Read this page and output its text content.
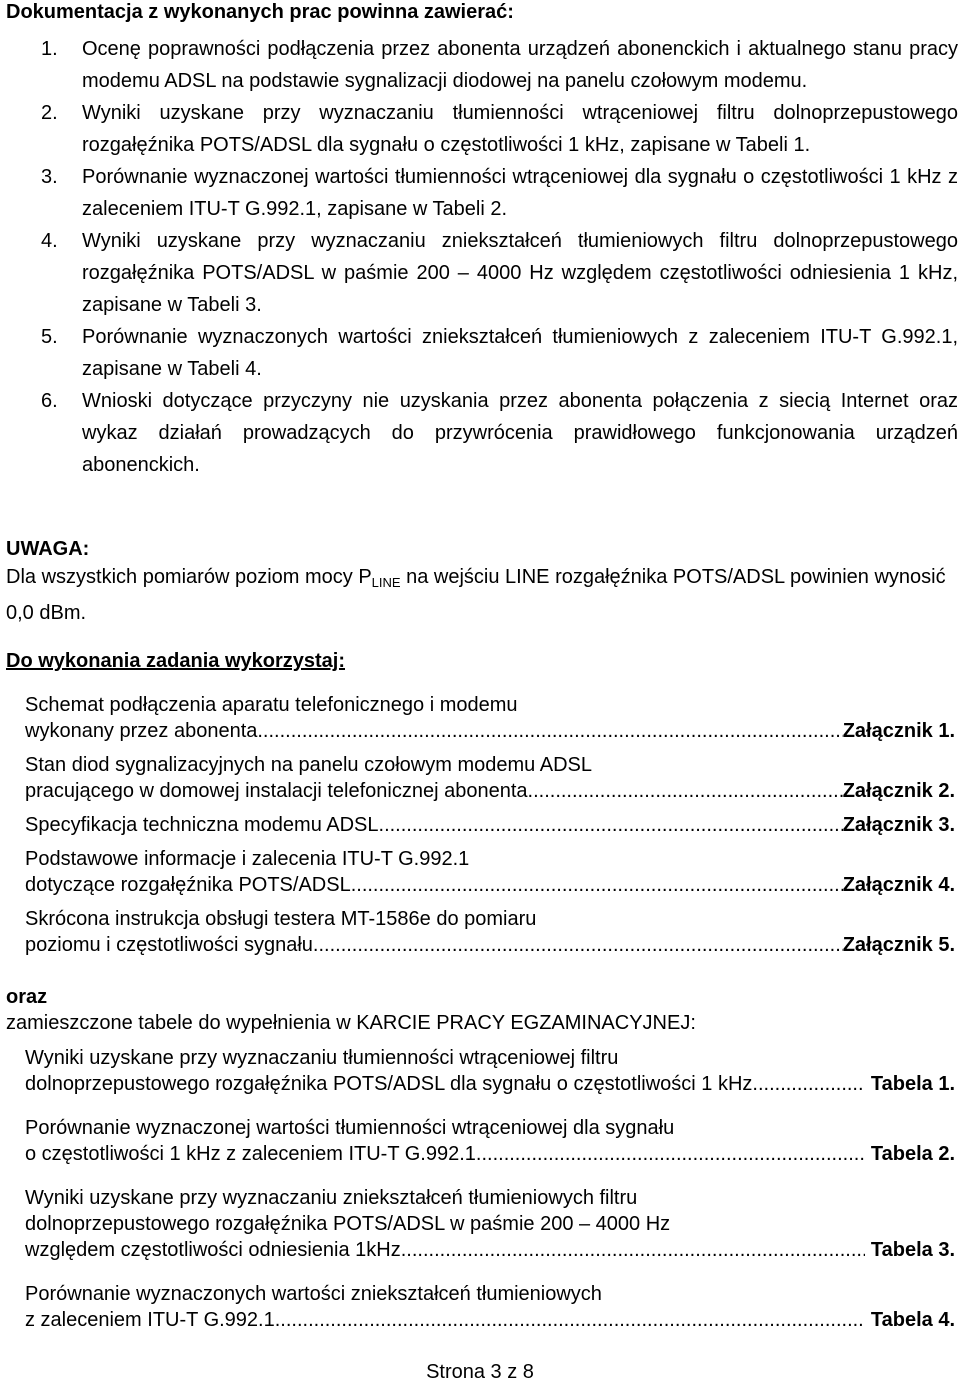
Dokumentacja z wykonanych prac powinna zawierać:
1. Ocenę poprawności podłączenia przez abonenta urządzeń abonenckich i aktualnego stanu pracy modemu ADSL na podstawie sygnalizacji diodowej na panelu czołowym modemu.
2. Wyniki uzyskane przy wyznaczaniu tłumienności wtrąceniowej filtru dolnoprzepustowego rozgałęźnika POTS/ADSL dla sygnału o częstotliwości 1 kHz, zapisane w Tabeli 1.
3. Porównanie wyznaczonej wartości tłumienności wtrąceniowej dla sygnału o częstotliwości 1 kHz z zaleceniem ITU-T G.992.1, zapisane w Tabeli 2.
4. Wyniki uzyskane przy wyznaczaniu zniekształceń tłumieniowych filtru dolnoprzepustowego rozgałęźnika POTS/ADSL w paśmie 200 – 4000 Hz względem częstotliwości odniesienia 1 kHz, zapisane w Tabeli 3.
5. Porównanie wyznaczonych wartości zniekształceń tłumieniowych z zaleceniem ITU-T G.992.1, zapisane w Tabeli 4.
6. Wnioski dotyczące przyczyny nie uzyskania przez abonenta połączenia z siecią Internet oraz wykaz działań prowadzących do przywrócenia prawidłowego funkcjonowania urządzeń abonenckich.
UWAGA:
Dla wszystkich pomiarów poziom mocy $P_{LINE}$ na wejściu LINE rozgałęźnika POTS/ADSL powinien wynosić 0,0 dBm.
Do wykonania zadania wykorzystaj:
Schemat podłączenia aparatu telefonicznego i modemu
wykonany przez abonenta .....	Załącznik 1.
Stan diod sygnalizacyjnych na panelu czołowym modemu ADSL
pracującego w domowej instalacji telefonicznej abonenta .....	Załącznik 2.
Specyfikacja techniczna modemu ADSL .....	Załącznik 3.
Podstawowe informacje i zalecenia ITU-T G.992.1
dotyczące rozgałęźnika POTS/ADSL .....	Załącznik 4.
Skrócona instrukcja obsługi testera MT-1586e do pomiaru
poziomu i częstotliwości sygnału .....	Załącznik 5.
oraz
zamieszczone tabele do wypełnienia w KARCIE PRACY EGZAMINACYJNEJ:
Wyniki uzyskane przy wyznaczaniu tłumienności wtrąceniowej filtru
dolnoprzepustowego rozgałęźnika POTS/ADSL dla sygnału o częstotliwości 1 kHz .....	Tabela 1.
Porównanie wyznaczonej wartości tłumienności wtrąceniowej dla sygnału
o częstotliwości 1 kHz z zaleceniem ITU-T G.992.1 .....	Tabela 2.
Wyniki uzyskane przy wyznaczaniu zniekształceń tłumieniowych filtru
dolnoprzepustowego rozgałęźnika POTS/ADSL w paśmie 200 – 4000 Hz
względem częstotliwości odniesienia 1kHz .....	Tabela 3.
Porównanie wyznaczonych wartości zniekształceń tłumieniowych
z zaleceniem ITU-T G.992.1 .....	Tabela 4.
Strona 3 z 8
